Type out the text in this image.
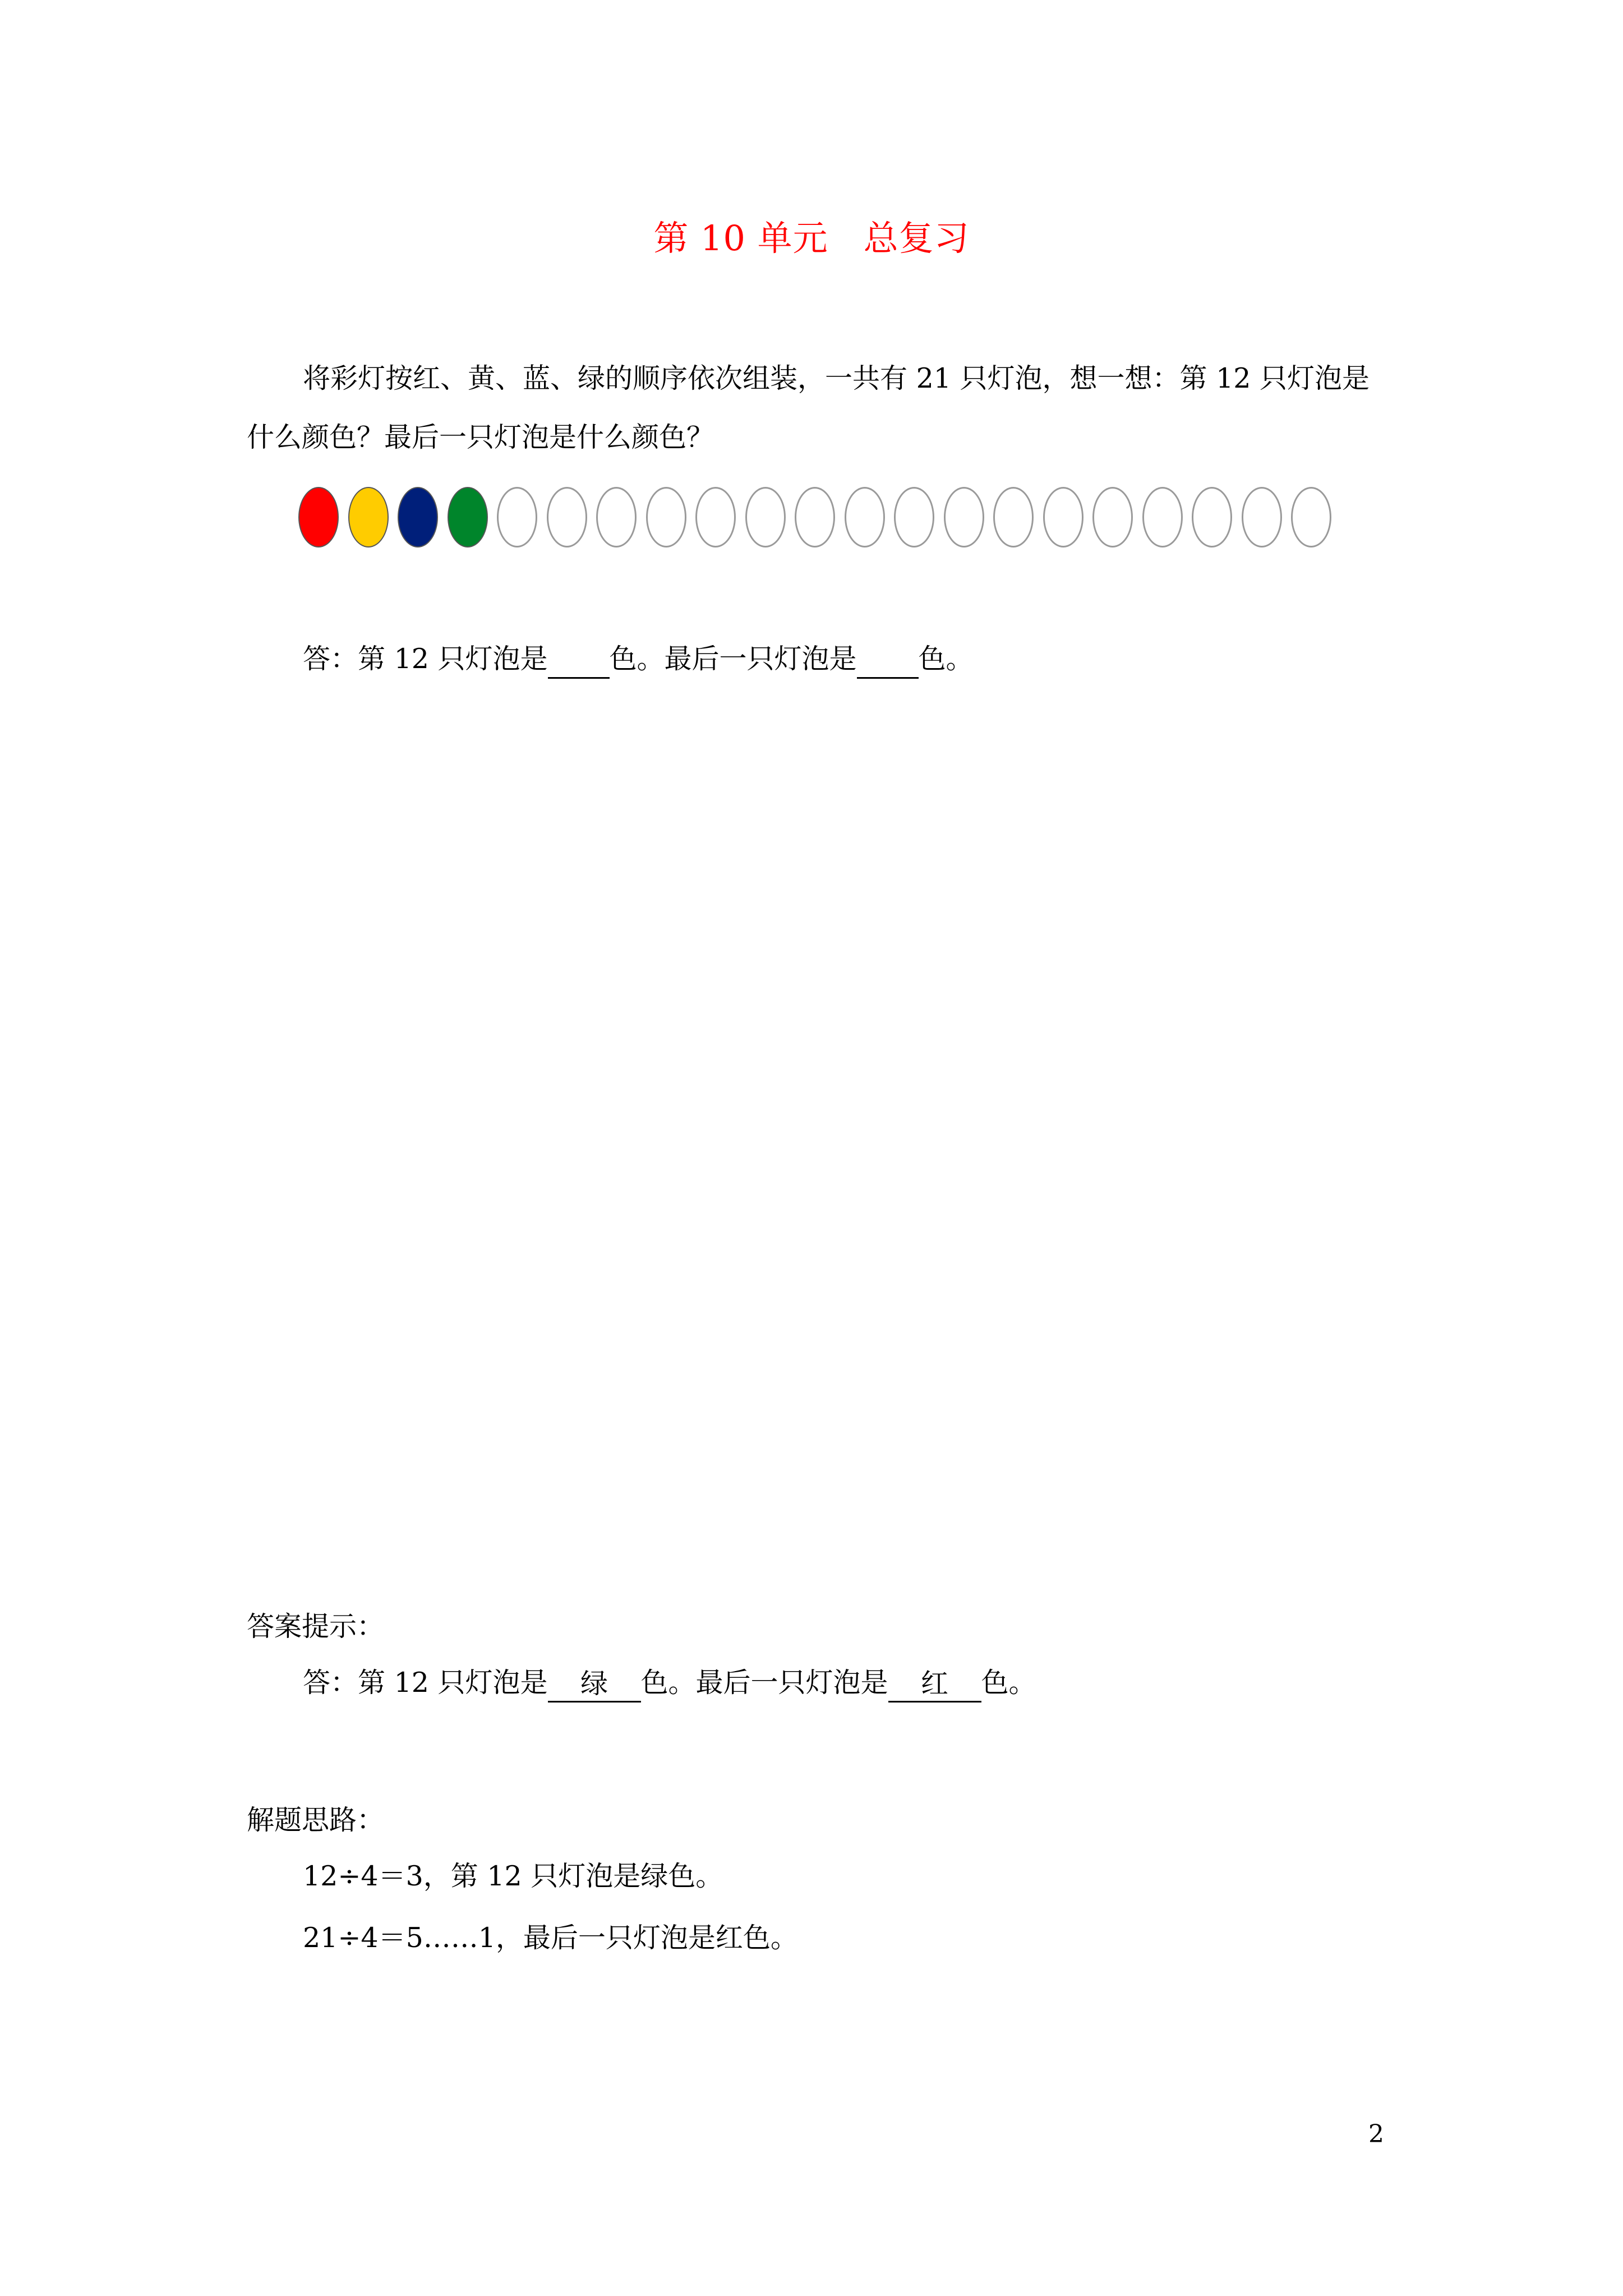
第 10 单元　总复习
将彩灯按红、黄、蓝、绿的顺序依次组装，一共有 21 只灯泡，想一想：第 12 只灯泡是
什么颜色？最后一只灯泡是什么颜色？
答：第 12 只灯泡是 色。最后一只灯泡是 色。
答案提示：
答：第 12 只灯泡是 绿 色。最后一只灯泡是 红 色。
解题思路：
12÷4＝3，第 12 只灯泡是绿色。
21÷4＝5……1，最后一只灯泡是红色。
2
